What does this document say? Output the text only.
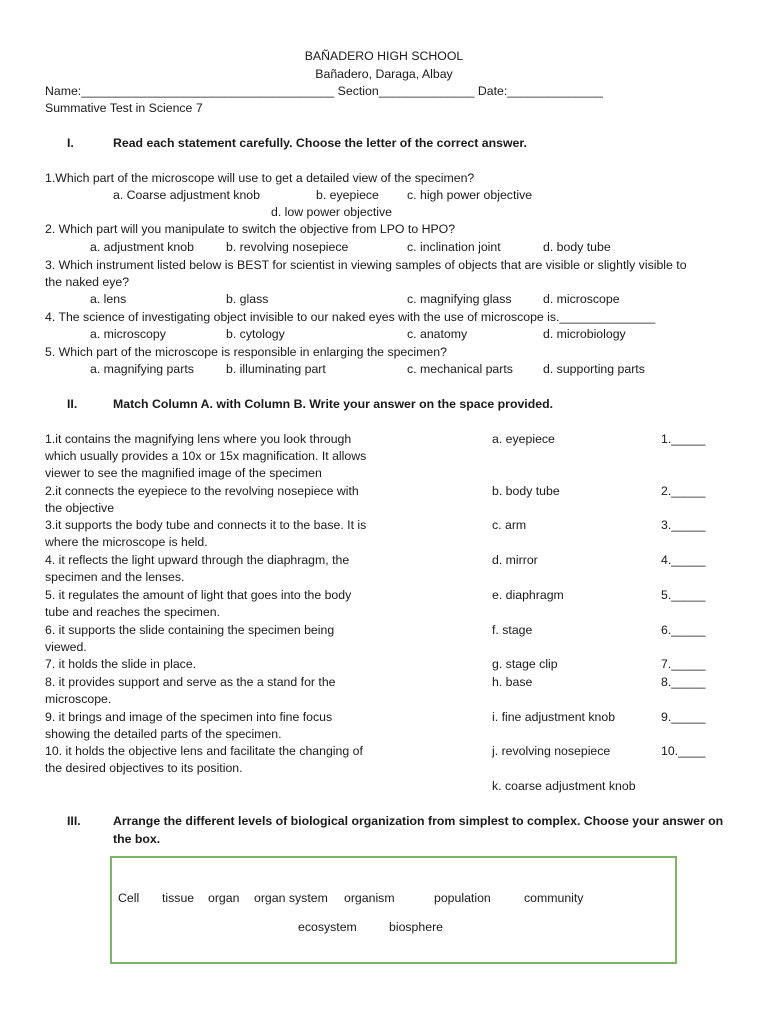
BAÑADERO HIGH SCHOOL
Bañadero, Daraga, Albay
Name:_____________________________________ Section______________ Date:______________
Summative Test in Science 7
I.	Read each statement carefully. Choose the letter of the correct answer.
1.Which part of the microscope will use to get a detailed view of the specimen?
a. Coarse adjustment knob	b. eyepiece c. high power objective
d. low power objective
2. Which part will you manipulate to switch the objective from LPO to HPO?
a. adjustment knob	b. revolving nosepiece	c. inclination joint	d. body tube
3. Which instrument listed below is BEST for scientist in viewing samples of objects that are visible or slightly visible to
the naked eye?
a. lens	b. glass	c. magnifying glass	d. microscope
4. The science of investigating object invisible to our naked eyes with the use of microscope is.______________
a. microscopy	b. cytology	c. anatomy	d. microbiology
5. Which part of the microscope is responsible in enlarging the specimen?
a. magnifying parts	b. illuminating part	c. mechanical parts d. supporting parts
II.	Match Column A. with Column B. Write your answer on the space provided.
1.it contains the magnifying lens where you look through
which usually provides a 10x or 15x magnification. It allows
viewer to see the magnified image of the specimen
a. eyepiece	1._____
2.it connects the eyepiece to the revolving nosepiece with
the objective
b. body tube	2._____
3.it supports the body tube and connects it to the base. It is
where the microscope is held.
c. arm	3._____
4. it reflects the light upward through the diaphragm, the
specimen and the lenses.
d. mirror	4._____
5. it regulates the amount of light that goes into the body
tube and reaches the specimen.
e. diaphragm	5._____
6. it supports the slide containing the specimen being
viewed.
f. stage	6._____
7. it holds the slide in place.	g. stage clip	7._____
8. it provides support and serve as the a stand for the
microscope.
h. base	8._____
9. it brings and image of the specimen into fine focus
showing the detailed parts of the specimen.
i. fine adjustment knob	9._____
10. it holds the objective lens and facilitate the changing of
the desired objectives to its position.
j. revolving nosepiece	10.____
k. coarse adjustment knob
III.	Arrange the different levels of biological organization from simplest to complex. Choose your answer on
the box.
Cell tissue organ organ system organism	population	community
ecosystem	biosphere
